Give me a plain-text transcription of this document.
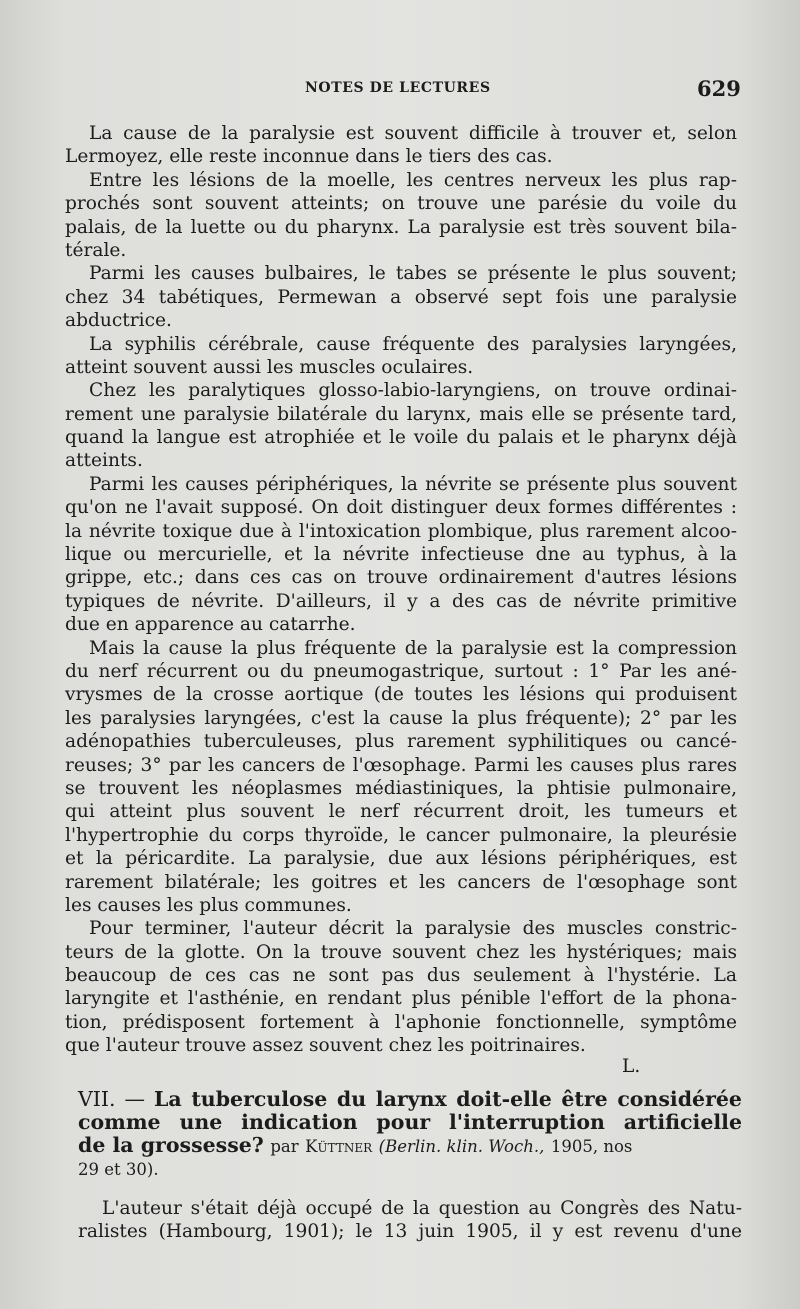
NOTES DE LECTURES	629
La cause de la paralysie est souvent difficile à trouver et, selon
Lermoyez, elle reste inconnue dans le tiers des cas.
Entre les lésions de la moelle, les centres nerveux les plus rap-
prochés sont souvent atteints; on trouve une parésie du voile du
palais, de la luette ou du pharynx. La paralysie est très souvent bila-
térale.
Parmi les causes bulbaires, le tabes se présente le plus souvent;
chez 34 tabétiques, Permewan a observé sept fois une paralysie
abductrice.
La syphilis cérébrale, cause fréquente des paralysies laryngées,
atteint souvent aussi les muscles oculaires.
Chez les paralytiques glosso-labio-laryngiens, on trouve ordinai-
rement une paralysie bilatérale du larynx, mais elle se présente tard,
quand la langue est atrophiée et le voile du palais et le pharynx déjà
atteints.
Parmi les causes périphériques, la névrite se présente plus souvent
qu'on ne l'avait supposé. On doit distinguer deux formes différentes :
la névrite toxique due à l'intoxication plombique, plus rarement alcoo-
lique ou mercurielle, et la névrite infectieuse dne au typhus, à la
grippe, etc.; dans ces cas on trouve ordinairement d'autres lésions
typiques de névrite. D'ailleurs, il y a des cas de névrite primitive
due en apparence au catarrhe.
Mais la cause la plus fréquente de la paralysie est la compression
du nerf récurrent ou du pneumogastrique, surtout : 1° Par les ané-
vrysmes de la crosse aortique (de toutes les lésions qui produisent
les paralysies laryngées, c'est la cause la plus fréquente); 2° par les
adénopathies tuberculeuses, plus rarement syphilitiques ou cancé-
reuses; 3° par les cancers de l'œsophage. Parmi les causes plus rares
se trouvent les néoplasmes médiastiniques, la phtisie pulmonaire,
qui atteint plus souvent le nerf récurrent droit, les tumeurs et
l'hypertrophie du corps thyroïde, le cancer pulmonaire, la pleurésie
et la péricardite. La paralysie, due aux lésions périphériques, est
rarement bilatérale; les goitres et les cancers de l'œsophage sont
les causes les plus communes.
Pour terminer, l'auteur décrit la paralysie des muscles constric-
teurs de la glotte. On la trouve souvent chez les hystériques; mais
beaucoup de ces cas ne sont pas dus seulement à l'hystérie. La
laryngite et l'asthénie, en rendant plus pénible l'effort de la phona-
tion, prédisposent fortement à l'aphonie fonctionnelle, symptôme
que l'auteur trouve assez souvent chez les poitrinaires.
L.
VII. — La tuberculose du larynx doit-elle être considérée
comme une indication pour l'interruption artificielle
de la grossesse? par Küttner (Berlin. klin. Woch., 1905, nos
29 et 30).
L'auteur s'était déjà occupé de la question au Congrès des Natu-
ralistes (Hambourg, 1901); le 13 juin 1905, il y est revenu d'une
